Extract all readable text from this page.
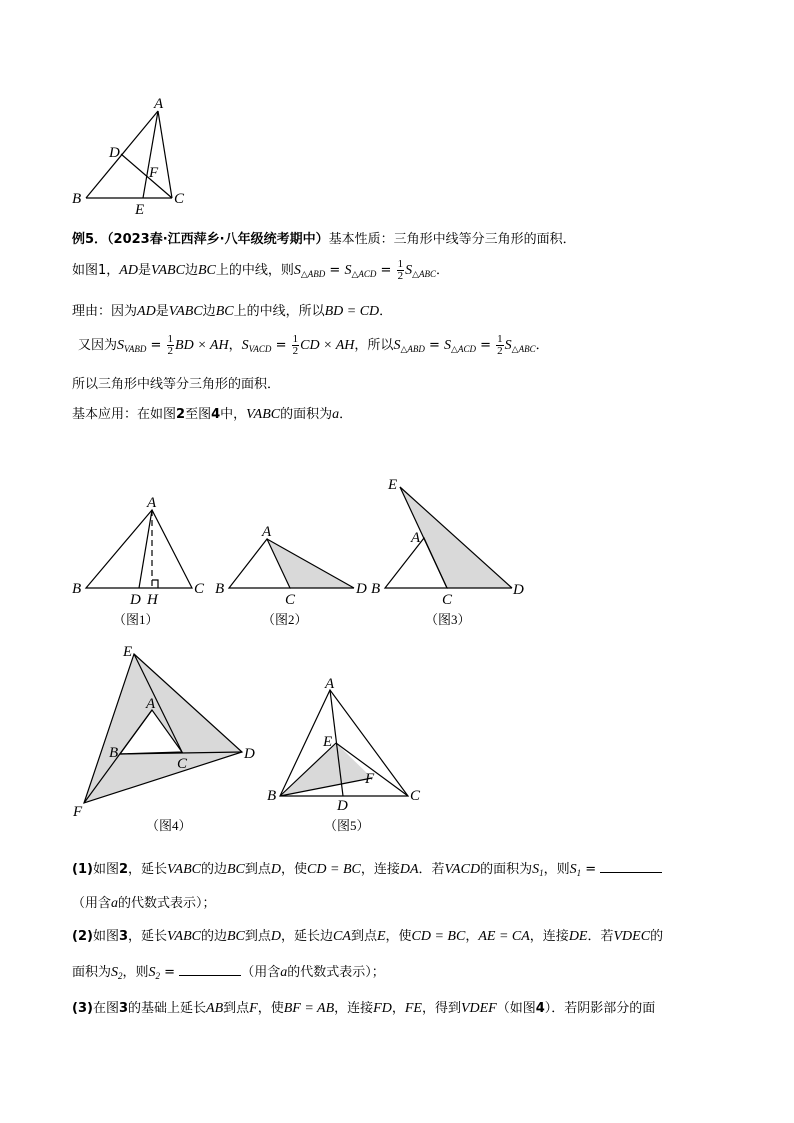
A
D
F
B	C
E
例5．（2023春·江西萍乡·八年级统考期中）基本性质：三角形中线等分三角形的面积．
如图1，AD是VABC边BC上的中线，则$S_{\triangle ABD} = S_{\triangle ACD} = \frac{1}{2} S_{\triangle ABC}$．
理由：因为AD是VABC边BC上的中线，所以BD = CD．
又因为$S_{VABD} = \frac{1}{2}$ BD × AH，$S_{VACD} = \frac{1}{2}$ CD × AH，所以$S_{\triangle ABD} = S_{\triangle ACD} = \frac{1}{2} S_{\triangle ABC}$．
所以三角形中线等分三角形的面积．
基本应用：在如图2至图4中，VABC的面积为a．
A
B	C
D H
（图1）
A
B
C
D
（图2）
E
A
B
C
D
（图3）
E
A
B
C
D
F
（图4）
A
E
F
B	C
D
（图5）
(1)如图2，延长VABC的边BC到点D，使CD = BC，连接DA．若VACD的面积为$S_1$，则$S_1$ =
（用含a的代数式表示）；
(2)如图3，延长VABC的边BC到点D，延长边CA到点E，使CD = BC，AE = CA，连接DE．若VDEC的
面积为$S_2$，则$S_2$ =	（用含a的代数式表示）；
(3)在图3的基础上延长AB到点F，使BF = AB，连接FD，FE，得到VDEF（如图4）．若阴影部分的面
